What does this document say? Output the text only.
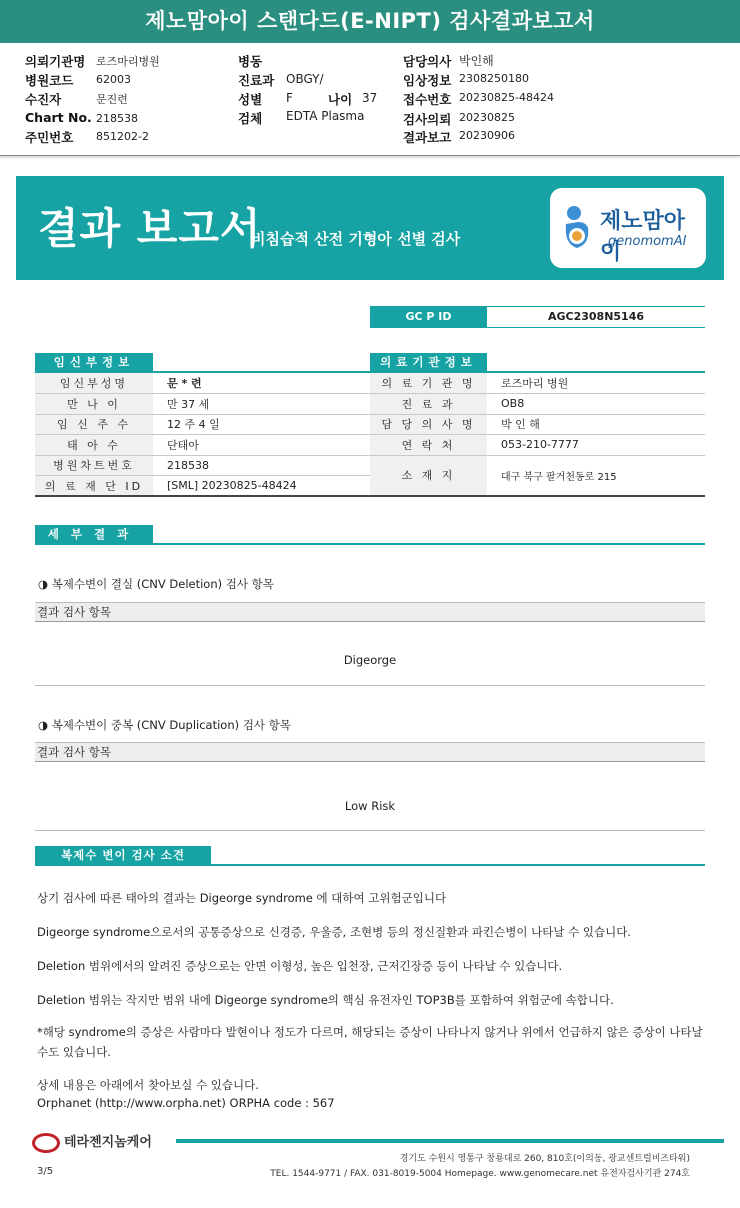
제노맘아이 스탠다드(E-NIPT) 검사결과보고서
의뢰기관명 로즈마리병원
병원코드 62003
수진자	문진련
Chart No. 218538
주민번호 851202-2
병동
진료과 OBGY/
성별 F	나이 37
검체 EDTA Plasma
담당의사 박인해
임상정보 2308250180
접수번호 20230825-48424
검사의뢰 20230825
결과보고 20230906
결과 보고서
비침습적 산전 기형아 선별 검사
제노맘아이
genomomAI
GC P ID	AGC2308N5146
임신부정보
임신부성명	문 * 련
만 나 이	만 37 세
임 신 주 수	12 주 4 일
태 아 수	단태아
병원차트번호	218538
의 료 재 단 ID	[SML] 20230825-48424
의료기관정보
의 료 기 관 명	로즈마리 병원
진 료 과	OB8
담 당 의 사 명	박 인 해
연 락 처	053-210-7777
소 재 지	대구 북구 팔거천동로 215
세부결과
◑ 복제수변이 결실 (CNV Deletion) 검사 항목
결과 검사 항목
Digeorge
◑ 복제수변이 중복 (CNV Duplication) 검사 항목
결과 검사 항목
Low Risk
복제수 변이 검사 소견
상기 검사에 따른 태아의 결과는 Digeorge syndrome 에 대하여 고위험군입니다
Digeorge syndrome으로서의 공통증상으로 신경증, 우울증, 조현병 등의 정신질환과 파킨슨병이 나타날 수 있습니다.
Deletion 범위에서의 알려진 증상으로는 안면 이형성, 높은 입천장, 근저긴장증 등이 나타날 수 있습니다.
Deletion 범위는 작지만 범위 내에 Digeorge syndrome의 핵심 유전자인 TOP3B를 포함하여 위험군에 속합니다.
*해당 syndrome의 증상은 사람마다 발현이나 정도가 다르며, 해당되는 증상이 나타나지 않거나 위에서 언급하지 않은 증상이 나타날 수도 있습니다.
상세 내용은 아래에서 찾아보실 수 있습니다.
Orphanet (http://www.orpha.net) ORPHA code : 567
테라젠지놈케어
경기도 수원시 영통구 창룡대로 260, 810호(이의동, 광교센트럴비즈타워)
TEL. 1544-9771 / FAX. 031-8019-5004 Homepage. www.genomecare.net 유전자검사기관 274호
3/5
